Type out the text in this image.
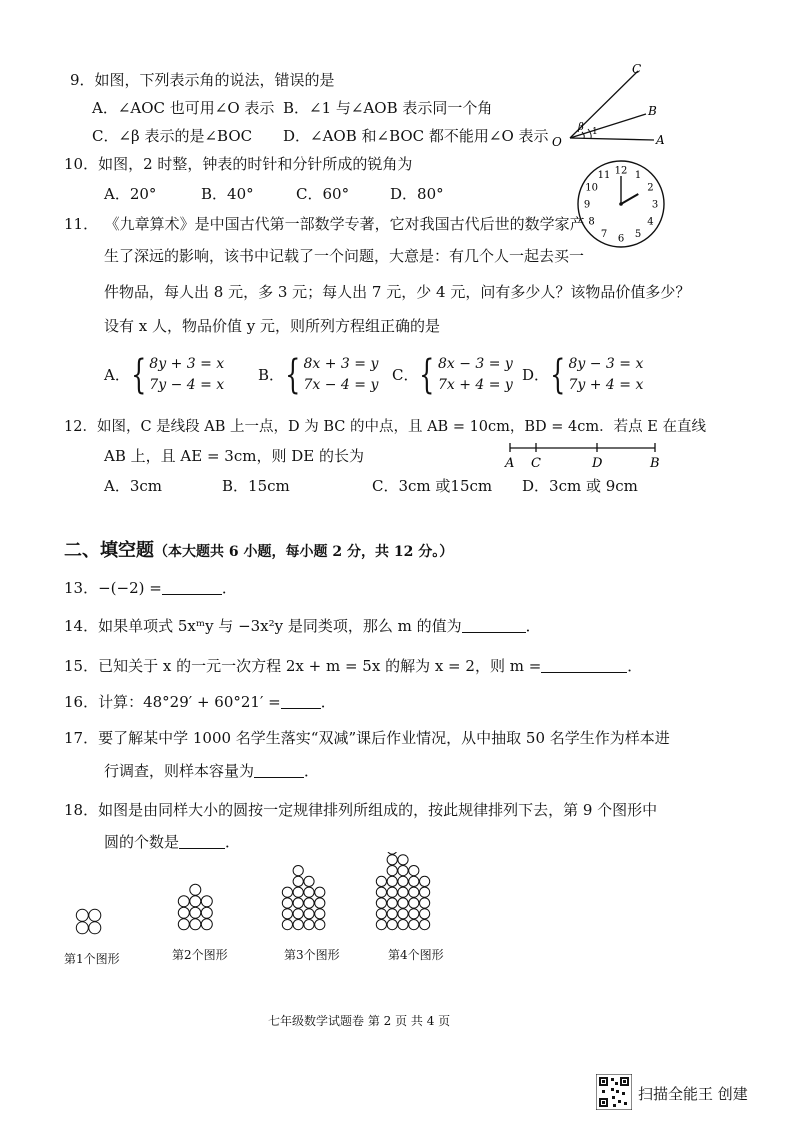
9．如图，下列表示角的说法，错误的是
A．∠AOC 也可用∠O 表示 B．∠1 与∠AOB 表示同一个角
C．∠β 表示的是∠BOC D．∠AOB 和∠BOC 都不能用∠O 表示 O	A
B
C
β 1
10．如图，2 时整，钟表的时针和分针所成的锐角为
A．20°	B．40°	C．60°	D．80°
12 1
2
3
4
5
6
7
8
9
10
11
11． 《九章算术》是中国古代第一部数学专著，它对我国古代后世的数学家产
生了深远的影响，该书中记载了一个问题，大意是：有几个人一起去买一
件物品，每人出 8 元，多 3 元；每人出 7 元，少 4 元，问有多少人？该物品价值多少？
设有 x 人，物品价值 y 元，则所列方程组正确的是
A．{ 8y + 3 = x
7y − 4 = x
B．{ 8x + 3 = y
7x − 4 = y
C．{ 8x − 3 = y
7x + 4 = y
D．{ 8y − 3 = x
7y + 4 = x
12．如图，C 是线段 AB 上一点，D 为 BC 的中点，且 AB = 10cm，BD = 4cm．若点 E 在直线
AB 上，且 AE = 3cm，则 DE 的长为
A．3cm	B．15cm	C．3cm 或15cm D．3cm 或 9cm
A C	D	B
二、填空题（本大题共 6 小题，每小题 2 分，共 12 分。）
13．−(−2) =	．
14．如果单项式 5xᵐy 与 −3x²y 是同类项，那么 m 的值为	．
15．已知关于 x 的一元一次方程 2x + m = 5x 的解为 x = 2，则 m =	．
16．计算：48°29′ + 60°21′ =	．
17．要了解某中学 1000 名学生落实“双减”课后作业情况，从中抽取 50 名学生作为样本进
行调查，则样本容量为	．
18．如图是由同样大小的圆按一定规律排列所组成的，按此规律排列下去，第 9 个图形中
圆的个数是	．
第1个图形	第2个图形	第3个图形	第4个图形
七年级数学试题卷 第 2 页 共 4 页
扫描全能王 创建
